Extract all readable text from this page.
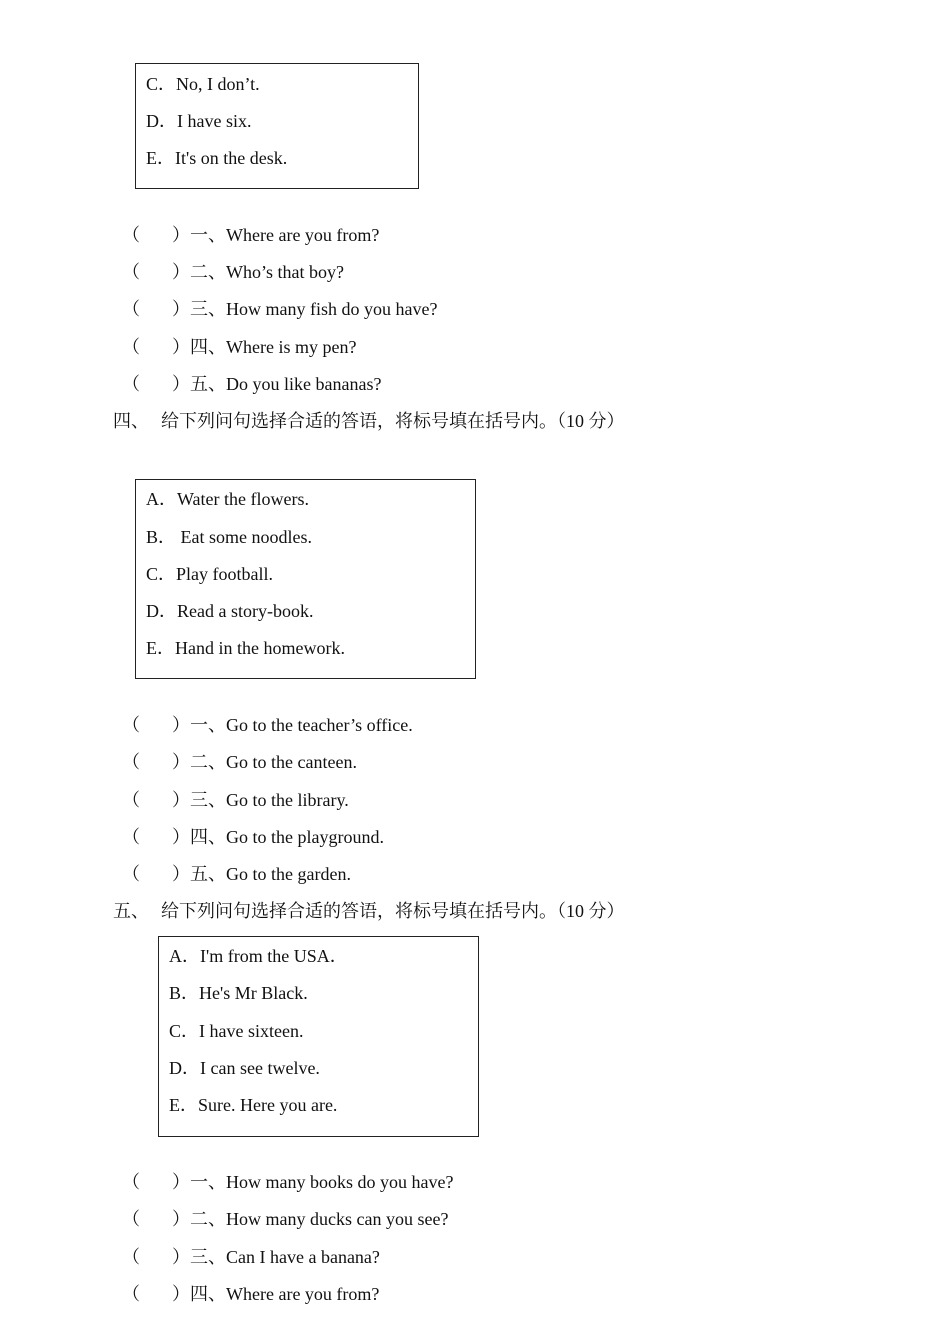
C．No, I don’t.
D．I have six.
E．It's on the desk.
（ ）一、Where are you from?
（ ）二、Who’s that boy?
（ ）三、How many fish do you have?
（ ）四、Where is my pen?
（ ）五、Do you like bananas?
四、 给下列问句选择合适的答语，将标号填在括号内。（10 分）
A．Water the flowers.
B． Eat some noodles.
C．Play football.
D．Read a story-book.
E．Hand in the homework.
（ ）一、Go to the teacher’s office.
（ ）二、Go to the canteen.
（ ）三、Go to the library.
（ ）四、Go to the playground.
（ ）五、Go to the garden.
五、 给下列问句选择合适的答语，将标号填在括号内。（10 分）
A．I'm from the USA．
B．He's Mr Black.
C．I have sixteen.
D．I can see twelve.
E．Sure. Here you are.
（ ）一、How many books do you have?
（ ）二、How many ducks can you see?
（ ）三、Can I have a banana?
（ ）四、Where are you from?
